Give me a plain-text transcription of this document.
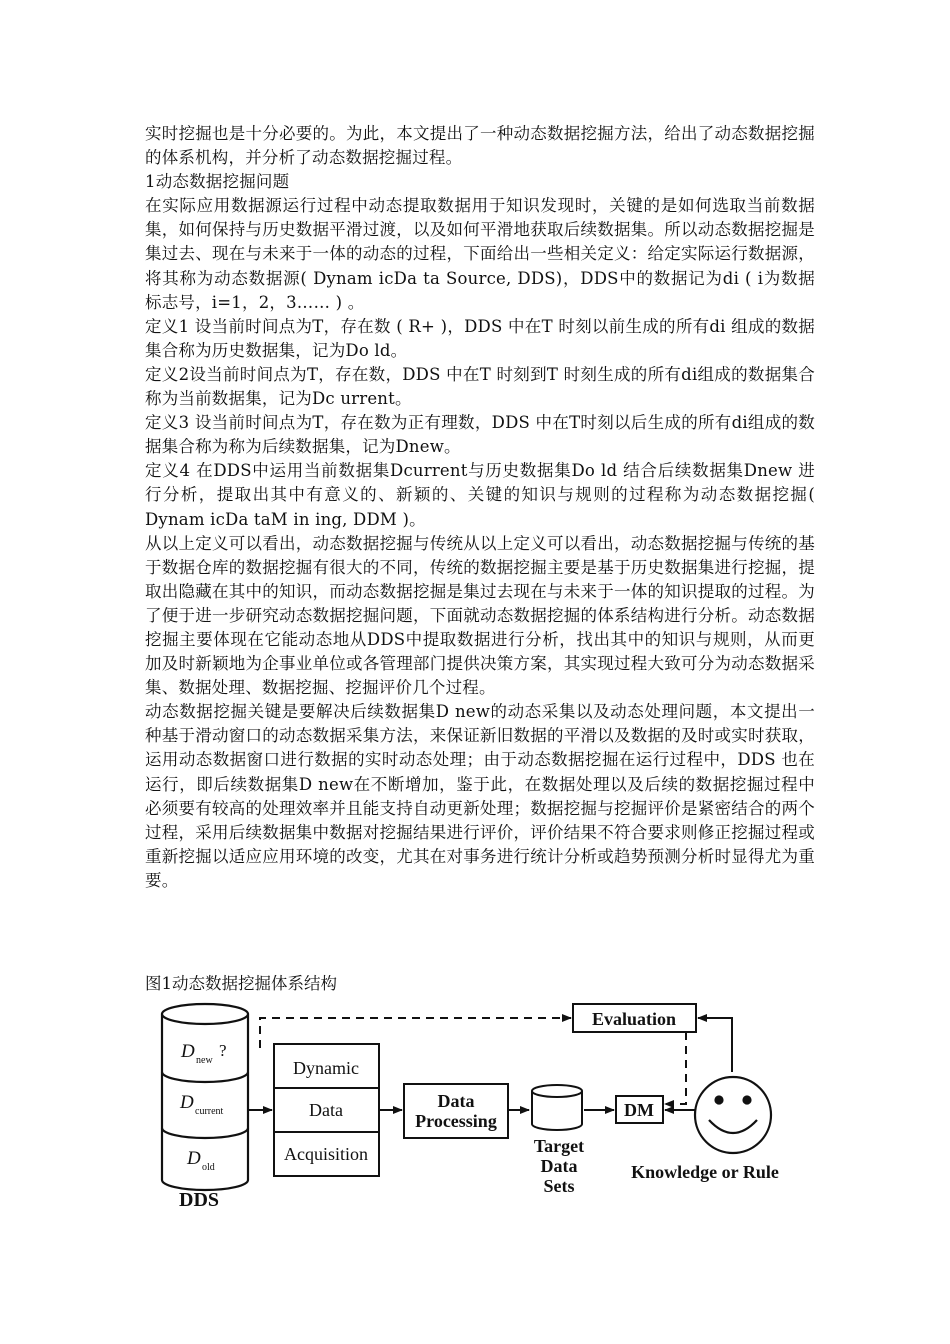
实时挖掘也是十分必要的。为此，本文提出了一种动态数据挖掘方法，给出了动态数据挖掘的体系机构，并分析了动态数据挖掘过程。

1动态数据挖掘问题

在实际应用数据源运行过程中动态提取数据用于知识发现时，关键的是如何选取当前数据集，如何保持与历史数据平滑过渡，以及如何平滑地获取后续数据集。所以动态数据挖掘是集过去、现在与未来于一体的动态的过程，下面给出一些相关定义：给定实际运行数据源，将其称为动态数据源( Dynam icDa ta Source, DDS)，DDS中的数据记为di ( i为数据标志号，i=1，2，3…… ) 。

定义1 设当前时间点为T，存在数 ( R+ )，DDS 中在T 时刻以前生成的所有di 组成的数据集合称为历史数据集，记为Do ld。

定义2设当前时间点为T，存在数，DDS 中在T 时刻到T 时刻生成的所有di组成的数据集合称为当前数据集，记为Dc urrent。

定义3 设当前时间点为T，存在数为正有理数，DDS 中在T时刻以后生成的所有di组成的数据集合称为称为后续数据集，记为Dnew。

定义4 在DDS中运用当前数据集Dcurrent与历史数据集Do ld 结合后续数据集Dnew 进行分析，提取出其中有意义的、新颖的、关键的知识与规则的过程称为动态数据挖掘( Dynam icDa taM in ing, DDM )。

从以上定义可以看出，动态数据挖掘与传统从以上定义可以看出，动态数据挖掘与传统的基于数据仓库的数据挖掘有很大的不同，传统的数据挖掘主要是基于历史数据集进行挖掘，提取出隐藏在其中的知识，而动态数据挖掘是集过去现在与未来于一体的知识提取的过程。为了便于进一步研究动态数据挖掘问题，下面就动态数据挖掘的体系结构进行分析。动态数据挖掘主要体现在它能动态地从DDS中提取数据进行分析，找出其中的知识与规则，从而更加及时新颖地为企事业单位或各管理部门提供决策方案，其实现过程大致可分为动态数据采集、数据处理、数据挖掘、挖掘评价几个过程。

动态数据挖掘关键是要解决后续数据集D new的动态采集以及动态处理问题，本文提出一种基于滑动窗口的动态数据采集方法，来保证新旧数据的平滑以及数据的及时或实时获取，运用动态数据窗口进行数据的实时动态处理；由于动态数据挖掘在运行过程中，DDS 也在运行，即后续数据集D new在不断增加，鉴于此，在数据处理以及后续的数据挖掘过程中必须要有较高的处理效率并且能支持自动更新处理；数据挖掘与挖掘评价是紧密结合的两个过程，采用后续数据集中数据对挖掘结果进行评价，评价结果不符合要求则修正挖掘过程或重新挖掘以适应应用环境的改变，尤其在对事务进行统计分析或趋势预测分析时显得尤为重要。

图1动态数据挖掘体系结构
D new
?
D current
D old
DDS
Dynamic
Data
Acquisition
Data
Processing
Target
Data
Sets
DM
Evaluation
Knowledge or Rule
